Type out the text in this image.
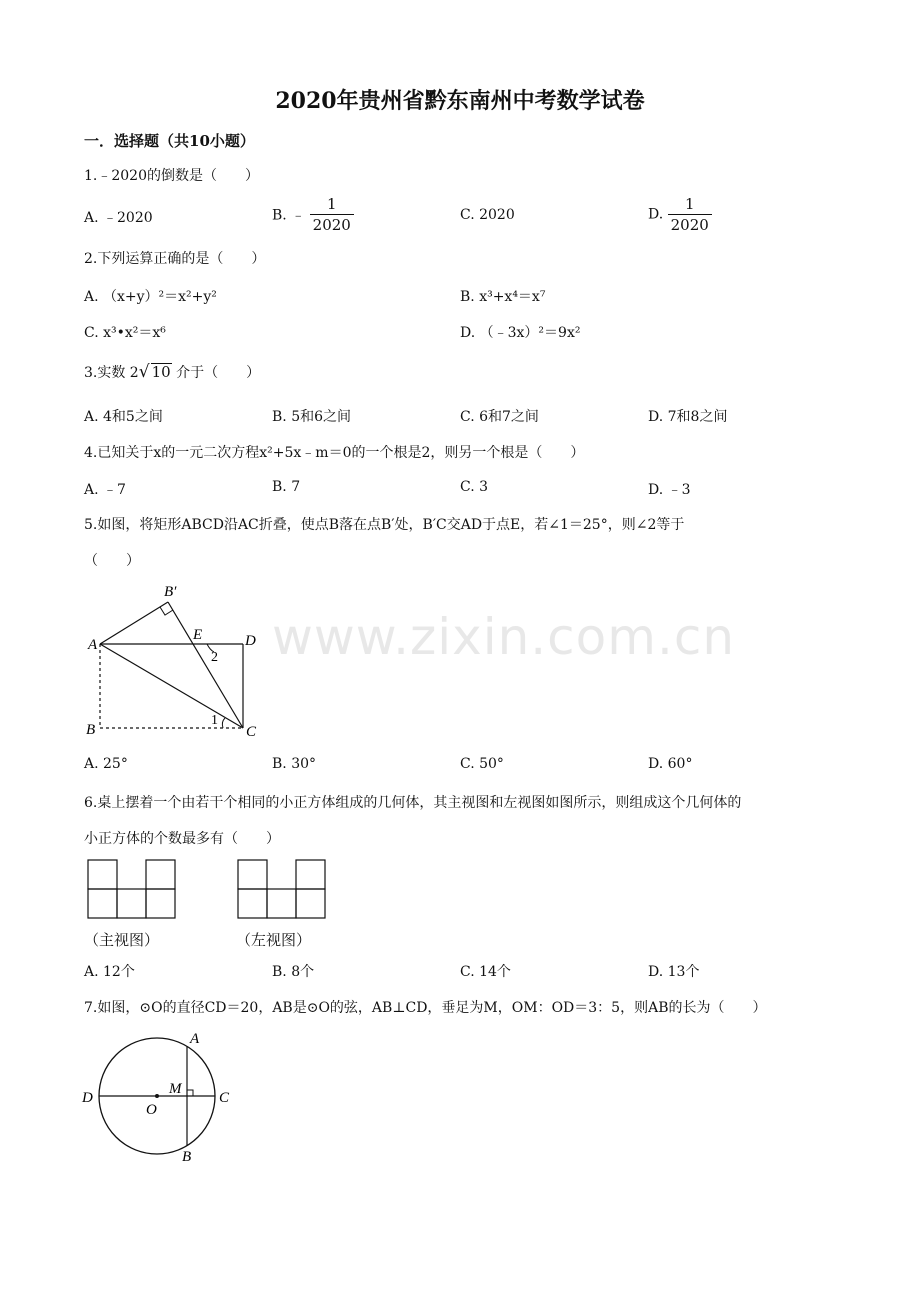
www.zixin.com.cn
2020年贵州省黔东南州中考数学试卷
一．选择题（共10小题）
1.﹣2020的倒数是（　　）
A. ﹣2020	B. ﹣ $\frac{1}{2020}$	C. 2020	D. $\frac{1}{2020}$
2.下列运算正确的是（　　）
A. （x+y）²＝x²+y²	B. x³+x⁴＝x⁷
C. x³•x²＝x⁶	D. （﹣3x）²＝9x²
3.实数 2√ 10 介于（　　）
A. 4和5之间	B. 5和6之间	C. 6和7之间	D. 7和8之间
4.已知关于x的一元二次方程x²+5x﹣m＝0的一个根是2，则另一个根是（　　）
A. ﹣7	B. 7	C. 3	D. ﹣3
5.如图，将矩形ABCD沿AC折叠，使点B落在点B′处，B′C交AD于点E，若∠1＝25°，则∠2等于
（　　）
A
B	C
D
E
B′
2
1
A. 25°	B. 30°	C. 50°	D. 60°
6.桌上摆着一个由若干个相同的小正方体组成的几何体，其主视图和左视图如图所示，则组成这个几何体的
小正方体的个数最多有（　　）
（主视图）	（左视图）
A. 12个	B. 8个	C. 14个	D. 13个
7.如图，⊙O的直径CD＝20，AB是⊙O的弦，AB⊥CD，垂足为M，OM：OD＝3：5，则AB的长为（　　）
D	C
A
B
O
M
